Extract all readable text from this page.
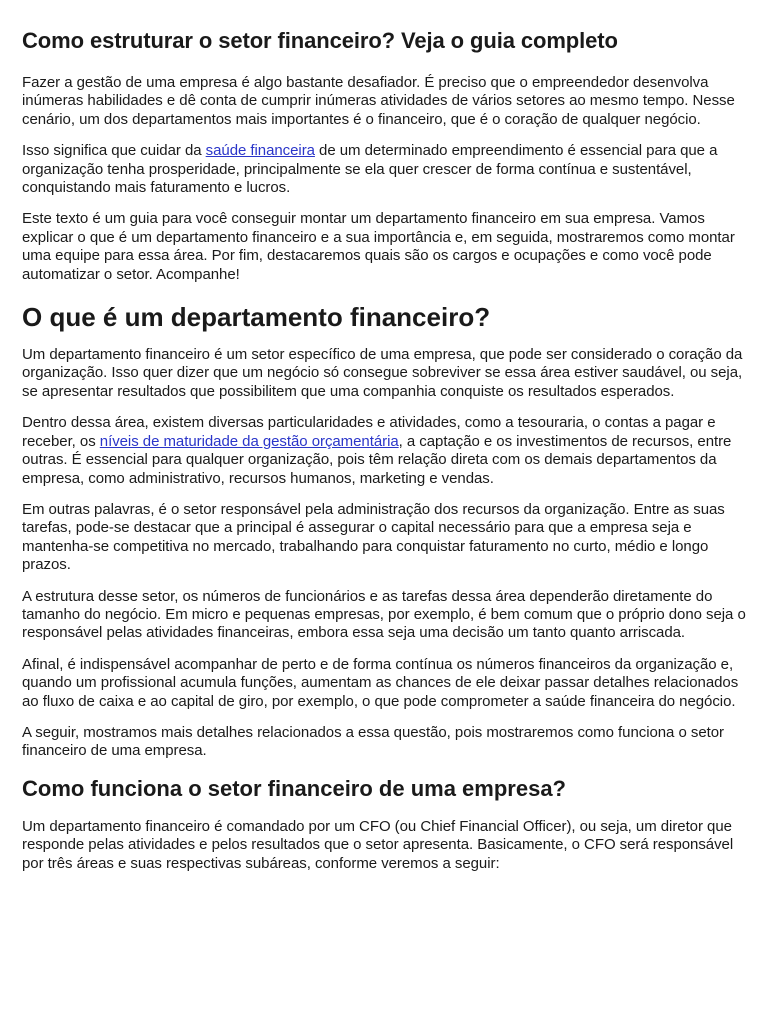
Como estruturar o setor financeiro? Veja o guia completo

Fazer a gestão de uma empresa é algo bastante desafiador. É preciso que o empreendedor desenvolva inúmeras habilidades e dê conta de cumprir inúmeras atividades de vários setores ao mesmo tempo. Nesse cenário, um dos departamentos mais importantes é o financeiro, que é o coração de qualquer negócio.

Isso significa que cuidar da saúde financeira de um determinado empreendimento é essencial para que a organização tenha prosperidade, principalmente se ela quer crescer de forma contínua e sustentável, conquistando mais faturamento e lucros.

Este texto é um guia para você conseguir montar um departamento financeiro em sua empresa. Vamos explicar o que é um departamento financeiro e a sua importância e, em seguida, mostraremos como montar uma equipe para essa área. Por fim, destacaremos quais são os cargos e ocupações e como você pode automatizar o setor. Acompanhe!

O que é um departamento financeiro?

Um departamento financeiro é um setor específico de uma empresa, que pode ser considerado o coração da organização. Isso quer dizer que um negócio só consegue sobreviver se essa área estiver saudável, ou seja, se apresentar resultados que possibilitem que uma companhia conquiste os resultados esperados.

Dentro dessa área, existem diversas particularidades e atividades, como a tesouraria, o contas a pagar e receber, os níveis de maturidade da gestão orçamentária, a captação e os investimentos de recursos, entre outras. É essencial para qualquer organização, pois têm relação direta com os demais departamentos da empresa, como administrativo, recursos humanos, marketing e vendas.

Em outras palavras, é o setor responsável pela administração dos recursos da organização. Entre as suas tarefas, pode-se destacar que a principal é assegurar o capital necessário para que a empresa seja e mantenha-se competitiva no mercado, trabalhando para conquistar faturamento no curto, médio e longo prazos.

A estrutura desse setor, os números de funcionários e as tarefas dessa área dependerão diretamente do tamanho do negócio. Em micro e pequenas empresas, por exemplo, é bem comum que o próprio dono seja o responsável pelas atividades financeiras, embora essa seja uma decisão um tanto quanto arriscada.

Afinal, é indispensável acompanhar de perto e de forma contínua os números financeiros da organização e, quando um profissional acumula funções, aumentam as chances de ele deixar passar detalhes relacionados ao fluxo de caixa e ao capital de giro, por exemplo, o que pode comprometer a saúde financeira do negócio.

A seguir, mostramos mais detalhes relacionados a essa questão, pois mostraremos como funciona o setor financeiro de uma empresa.

Como funciona o setor financeiro de uma empresa?

Um departamento financeiro é comandado por um CFO (ou Chief Financial Officer), ou seja, um diretor que responde pelas atividades e pelos resultados que o setor apresenta. Basicamente, o CFO será responsável por três áreas e suas respectivas subáreas, conforme veremos a seguir:
